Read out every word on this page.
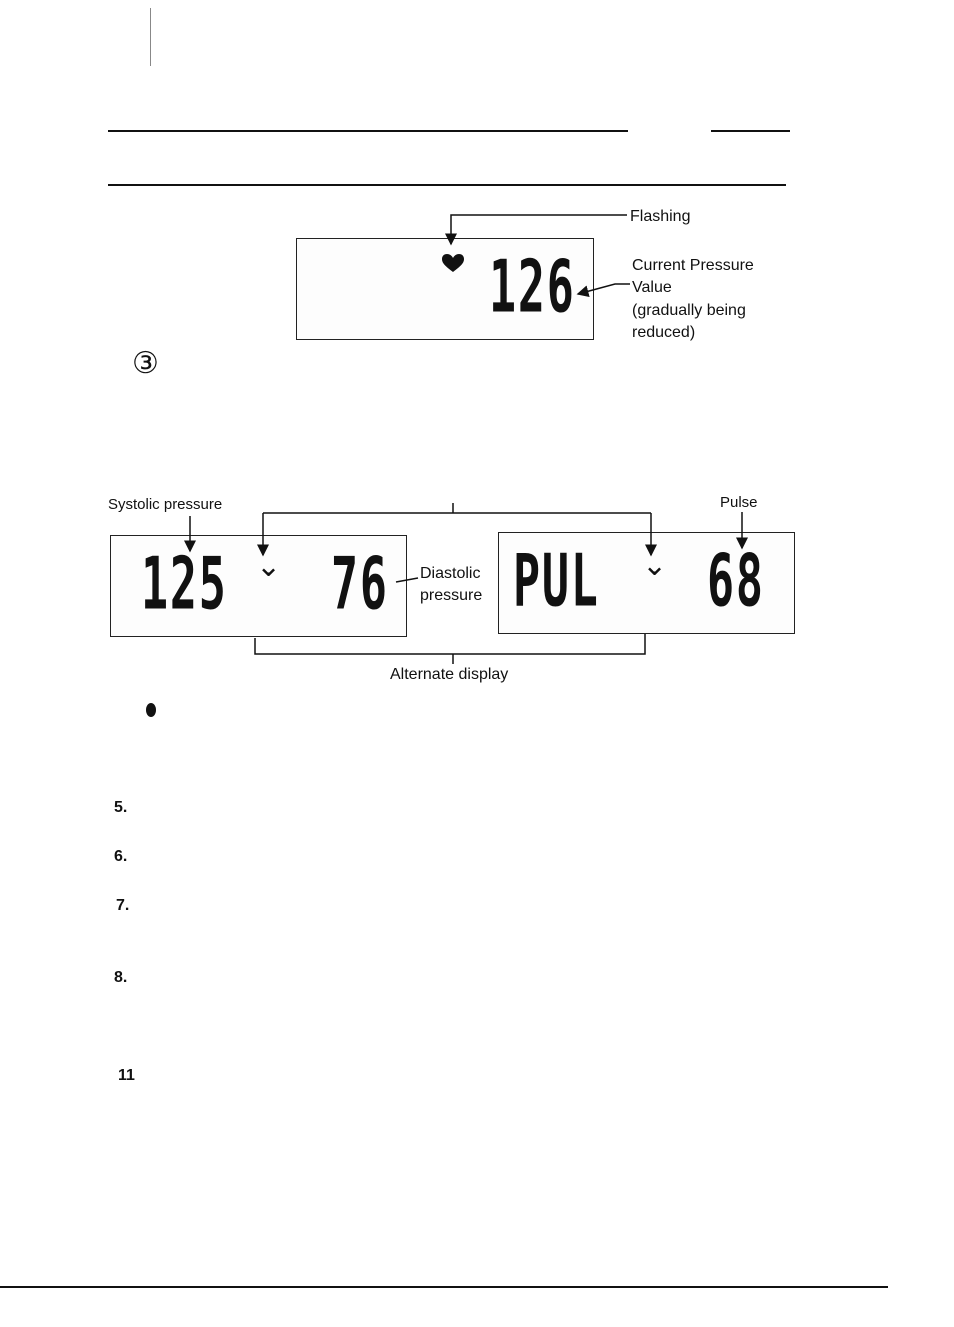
126
Flashing
Current Pressure
Value
(gradually being
reduced)
③
Systolic pressure	Pulse
125 ⌄ 76 Diastolic
pressure PUL ⌄ 68
Alternate display
5.
6.
7.
8.
11
